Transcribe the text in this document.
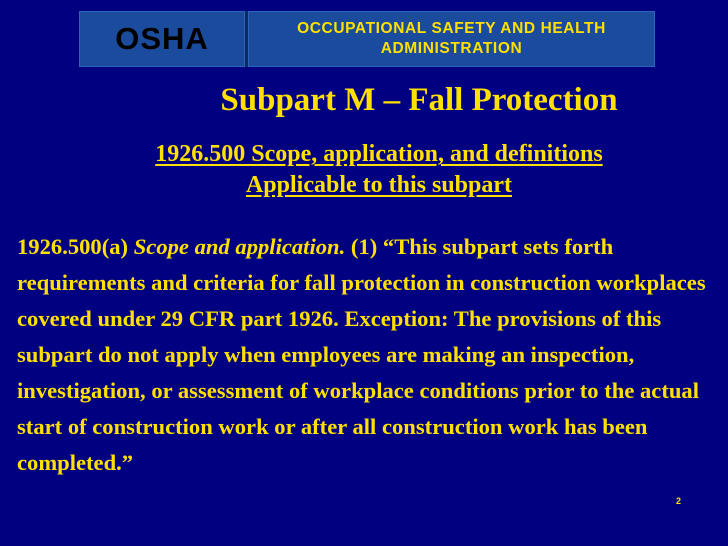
OSHA	OCCUPATIONAL SAFETY AND HEALTH
ADMINISTRATION
Subpart M – Fall Protection
1926.500 Scope, application, and definitions
Applicable to this subpart
1926.500(a) Scope and application. (1) “This subpart sets forth requirements and criteria for fall protection in construction workplaces covered under 29 CFR part 1926. Exception: The provisions of this subpart do not apply when employees are making an inspection, investigation, or assessment of workplace conditions prior to the actual start of construction work or after all construction work has been completed.”
2
